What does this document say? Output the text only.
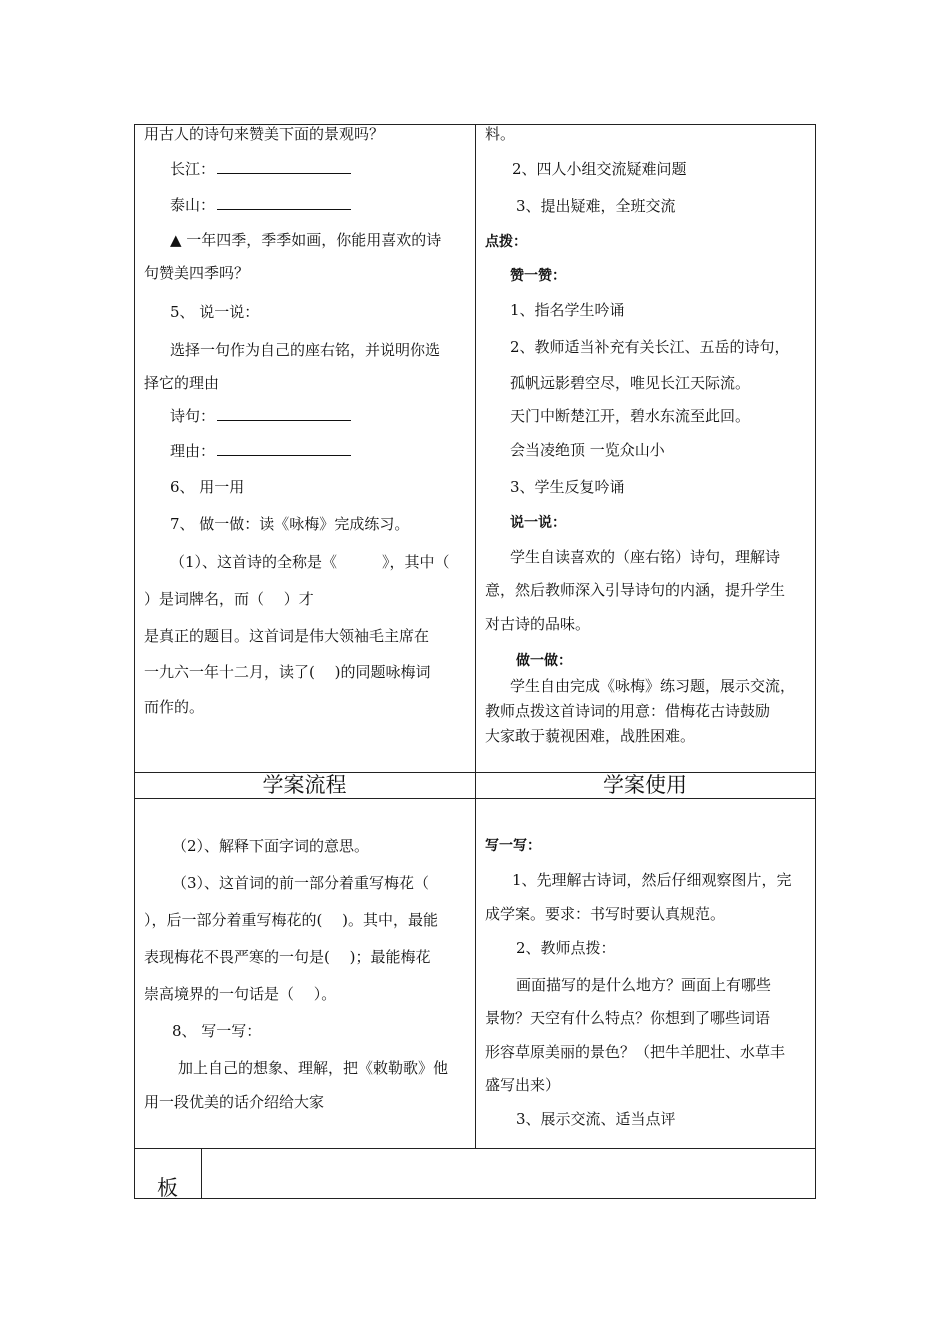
用古人的诗句来赞美下面的景观吗？
长江：
泰山：
▲ 一年四季，季季如画，你能用喜欢的诗
句赞美四季吗？
5、 说一说：
选择一句作为自己的座右铭，并说明你选
择它的理由
诗句：
理由：
6、 用一用
7、 做一做：读《咏梅》完成练习。
（1）、这首诗的全称是《　　　》，其中（
）是词牌名，而（　 ）才
是真正的题目。这首词是伟大领袖毛主席在
一九六一年十二月，读了(　 )的同题咏梅词
而作的。
料。
2、四人小组交流疑难问题
3、提出疑难，全班交流
点拨：
赞一赞：
1、指名学生吟诵
2、教师适当补充有关长江、五岳的诗句，
孤帆远影碧空尽，唯见长江天际流。
天门中断楚江开，碧水东流至此回。
会当凌绝顶 一览众山小
3、学生反复吟诵
说一说：
学生自读喜欢的（座右铭）诗句，理解诗
意，然后教师深入引导诗句的内涵，提升学生
对古诗的品味。
做一做：
学生自由完成《咏梅》练习题，展示交流，
教师点拨这首诗词的用意：借梅花古诗鼓励
大家敢于藐视困难，战胜困难。
学案流程	学案使用
（2）、解释下面字词的意思。
（3）、这首词的前一部分着重写梅花（
），后一部分着重写梅花的(　 )。其中，最能
表现梅花不畏严寒的一句是(　 )；最能梅花
崇高境界的一句话是（　 ）。
8、 写一写：
加上自己的想象、理解，把《敕勒歌》他
用一段优美的话介绍给大家
写一写：
1、先理解古诗词，然后仔细观察图片，完
成学案。要求：书写时要认真规范。
2、教师点拨：
画面描写的是什么地方？画面上有哪些
景物？天空有什么特点？你想到了哪些词语
形容草原美丽的景色？（把牛羊肥壮、水草丰
盛写出来）
3、展示交流、适当点评
板
